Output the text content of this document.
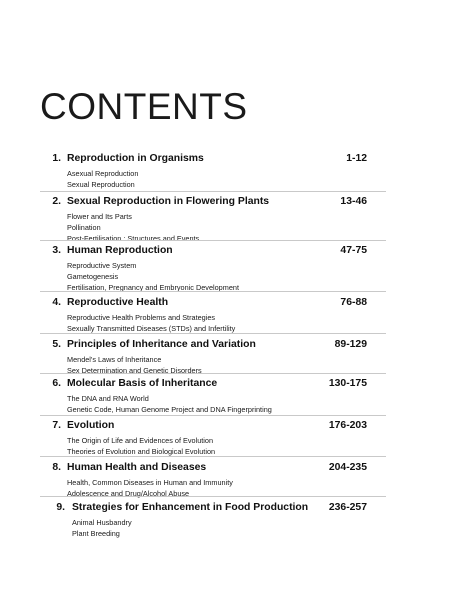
CONTENTS
1. Reproduction in Organisms	1-12
Asexual Reproduction
Sexual Reproduction
2. Sexual Reproduction in Flowering Plants	13-46
Flower and Its Parts
Pollination
Post-Fertilisation : Structures and Events
3. Human Reproduction	47-75
Reproductive System
Gametogenesis
Fertilisation, Pregnancy and Embryonic Development
4. Reproductive Health	76-88
Reproductive Health Problems and Strategies
Sexually Transmitted Diseases (STDs) and Infertility
5. Principles of Inheritance and Variation	89-129
Mendel's Laws of Inheritance
Sex Determination and Genetic Disorders
6. Molecular Basis of Inheritance	130-175
The DNA and RNA World
Genetic Code, Human Genome Project and DNA Fingerprinting
7. Evolution	176-203
The Origin of Life and Evidences of Evolution
Theories of Evolution and Biological Evolution
8. Human Health and Diseases	204-235
Health, Common Diseases in Human and Immunity
Adolescence and Drug/Alcohol Abuse
9. Strategies for Enhancement in Food Production 236-257
Animal Husbandry
Plant Breeding
